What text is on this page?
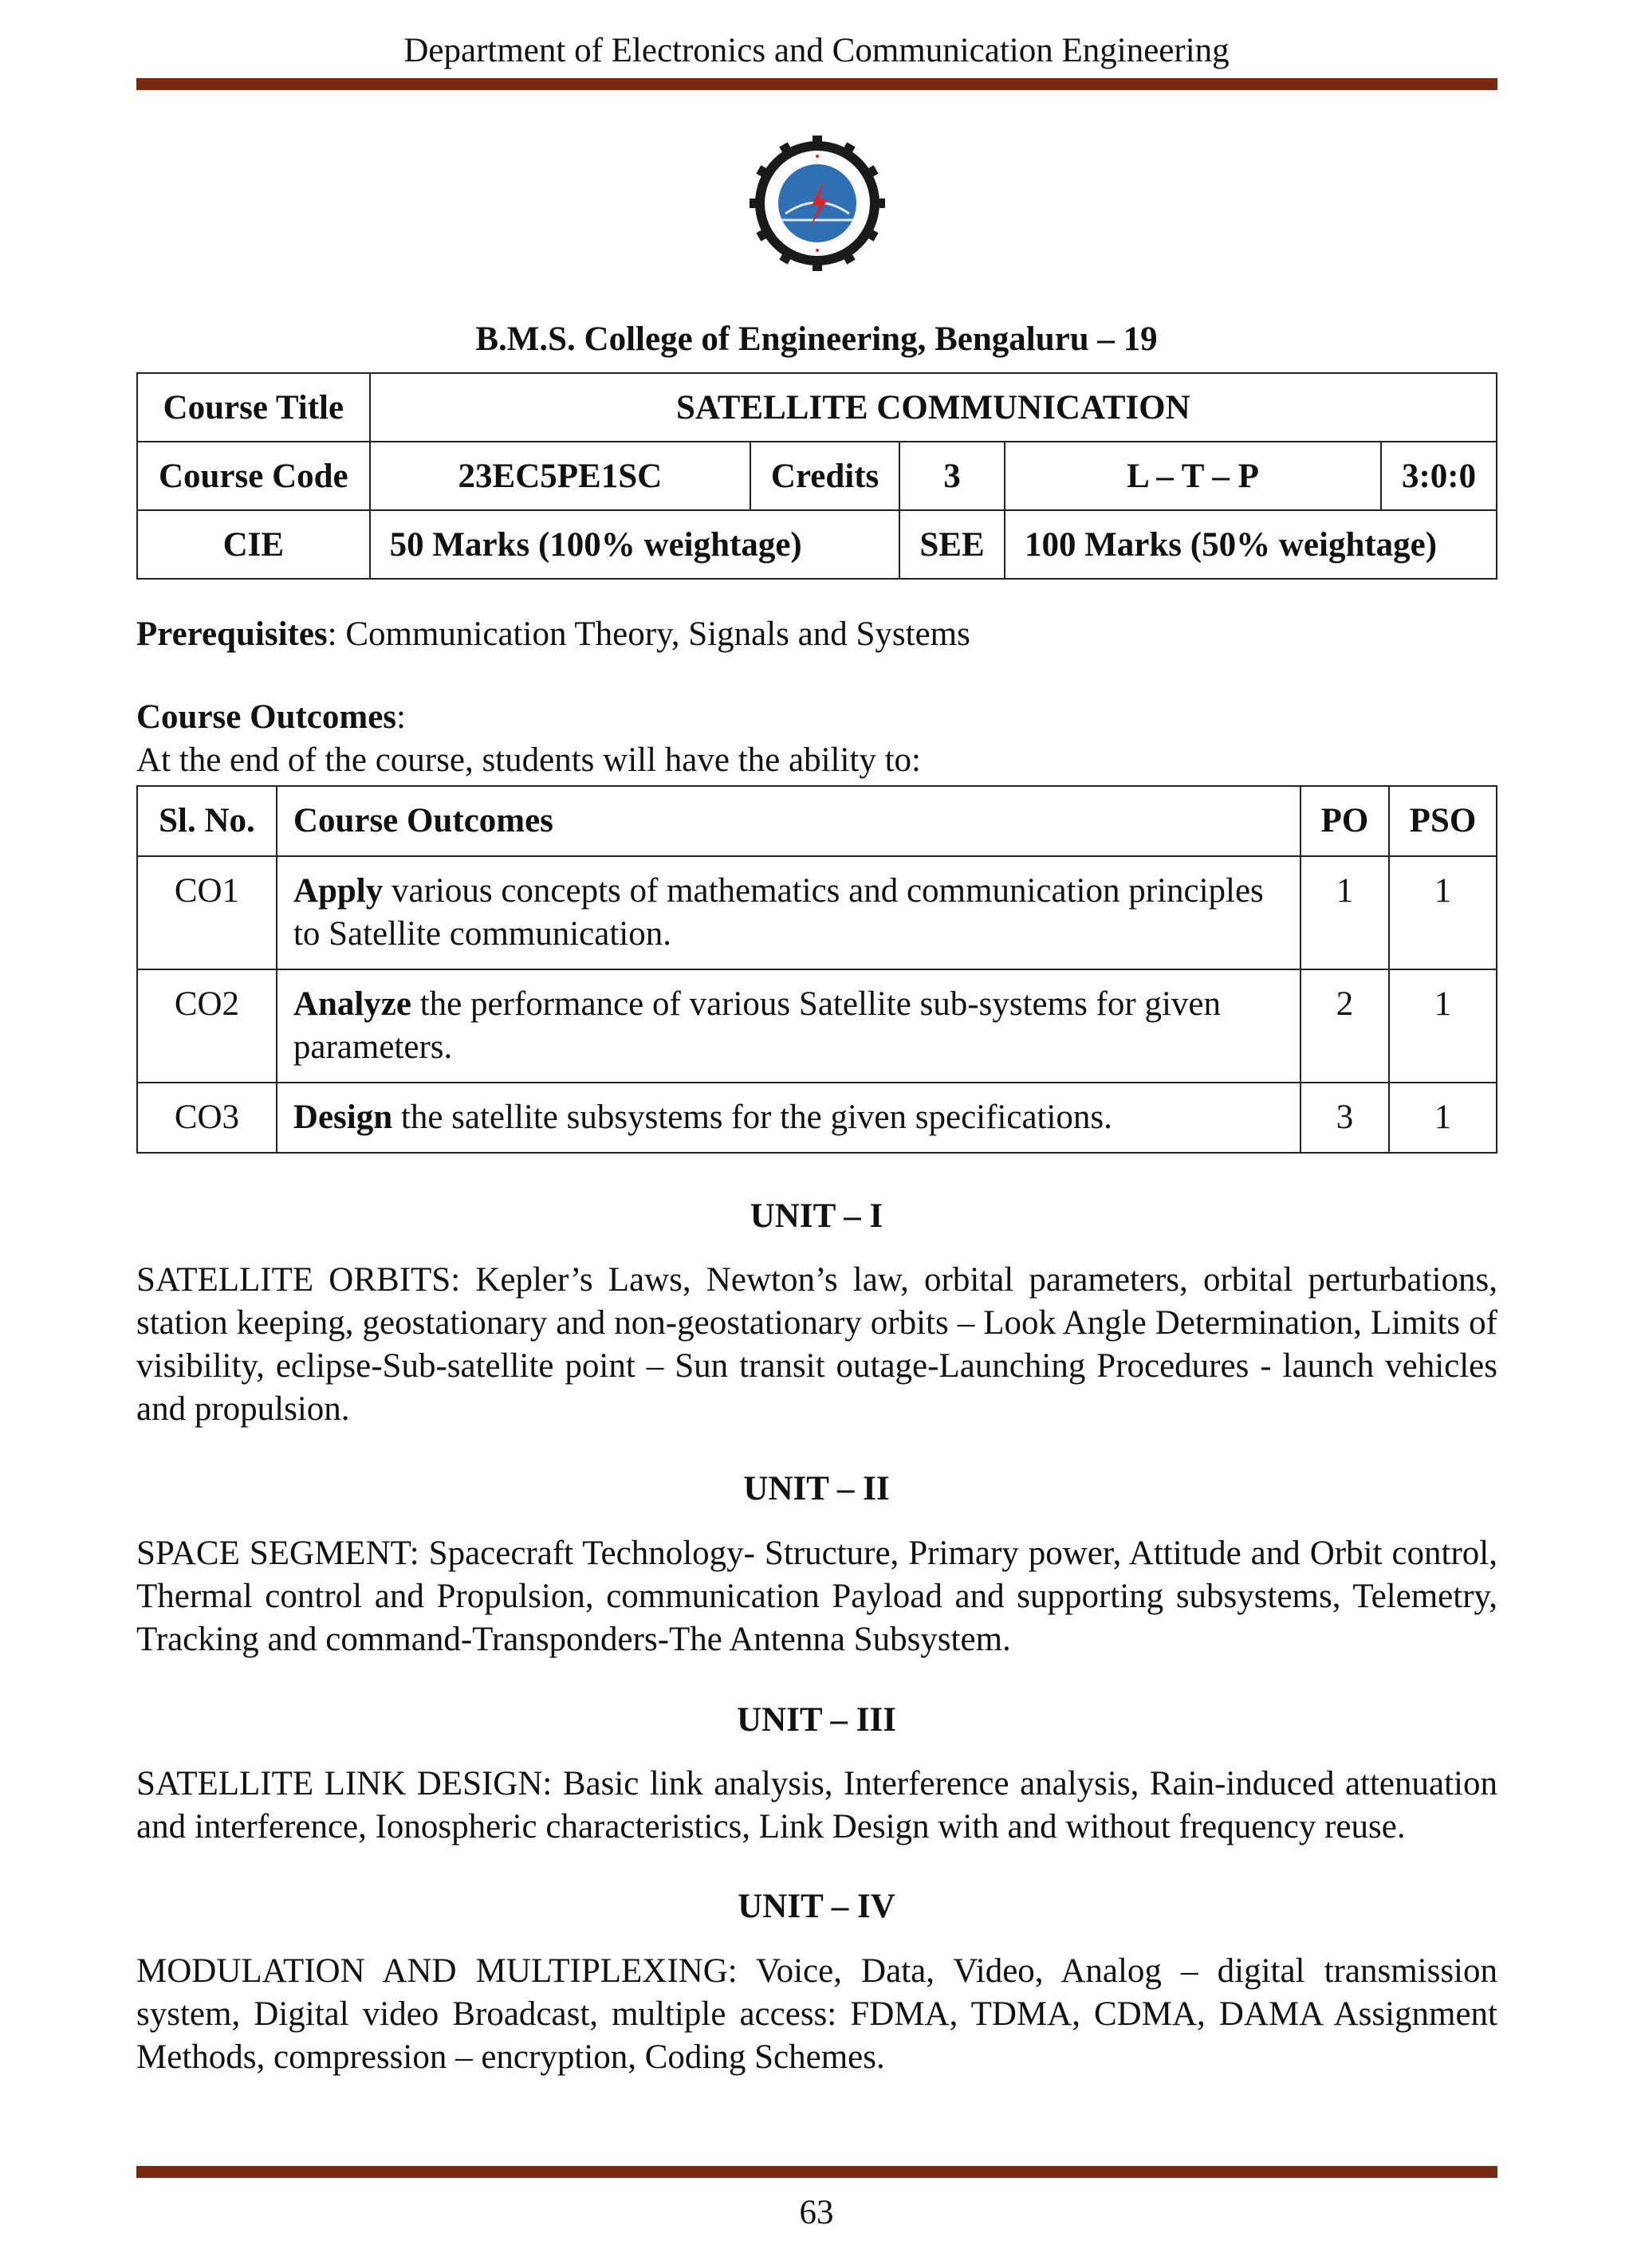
Department of Electronics and Communication Engineering
B.M.S. College of Engineering, Bengaluru – 19
Course Title	SATELLITE COMMUNICATION				
Course Code	23EC5PE1SC	Credits	3	L – T – P	3:0:0
CIE	50 Marks (100% weightage)		SEE	100 Marks (50% weightage)	
Prerequisites: Communication Theory, Signals and Systems
Course Outcomes:
At the end of the course, students will have the ability to:
Sl. No.	Course Outcomes	PO	PSO
CO1	Apply various concepts of mathematics and communication principles to Satellite communication.	1	1
CO2	Analyze the performance of various Satellite sub-systems for given parameters.	2	1
CO3	Design the satellite subsystems for the given specifications.	3	1
UNIT – I
SATELLITE ORBITS: Kepler’s Laws, Newton’s law, orbital parameters, orbital perturbations, station keeping, geostationary and non-geostationary orbits – Look Angle Determination, Limits of visibility, eclipse-Sub-satellite point – Sun transit outage-Launching Procedures - launch vehicles and propulsion.
UNIT – II
SPACE SEGMENT: Spacecraft Technology- Structure, Primary power, Attitude and Orbit control, Thermal control and Propulsion, communication Payload and supporting subsystems, Telemetry, Tracking and command-Transponders-The Antenna Subsystem.
UNIT – III
SATELLITE LINK DESIGN: Basic link analysis, Interference analysis, Rain-induced attenuation and interference, Ionospheric characteristics, Link Design with and without frequency reuse.
UNIT – IV
MODULATION AND MULTIPLEXING: Voice, Data, Video, Analog – digital transmission system, Digital video Broadcast, multiple access: FDMA, TDMA, CDMA, DAMA Assignment Methods, compression – encryption, Coding Schemes.
63
